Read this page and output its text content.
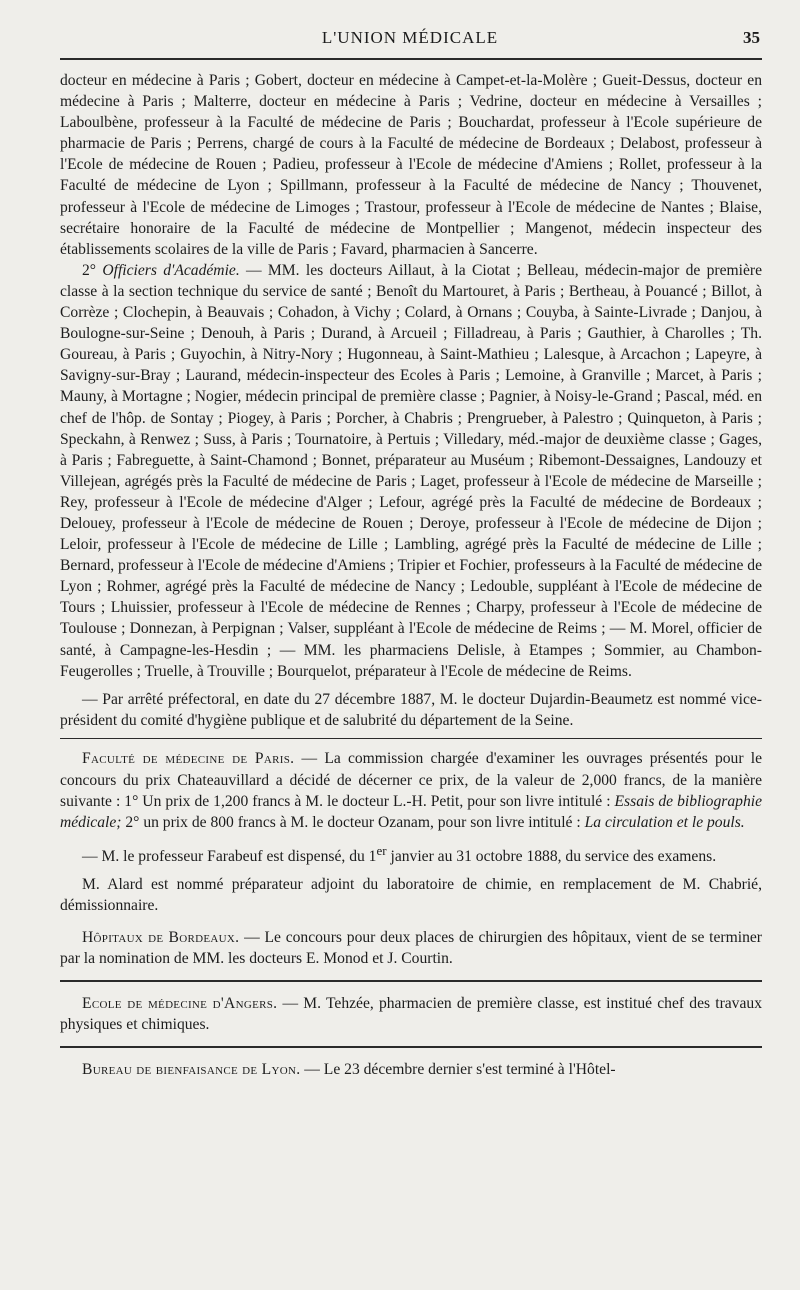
L'UNION MÉDICALE	35

docteur en médecine à Paris ; Gobert, docteur en médecine à Campet-et-la-Molère ; Gueit-Dessus, docteur en médecine à Paris ; Malterre, docteur en médecine à Paris ; Vedrine, docteur en médecine à Versailles ; Laboulbène, professeur à la Faculté de médecine de Paris ; Bouchardat, professeur à l'Ecole supérieure de pharmacie de Paris ; Perrens, chargé de cours à la Faculté de médecine de Bordeaux ; Delabost, professeur à l'Ecole de médecine de Rouen ; Padieu, professeur à l'Ecole de médecine d'Amiens ; Rollet, professeur à la Faculté de médecine de Lyon ; Spillmann, professeur à la Faculté de médecine de Nancy ; Thouvenet, professeur à l'Ecole de médecine de Limoges ; Trastour, professeur à l'Ecole de médecine de Nantes ; Blaise, secrétaire honoraire de la Faculté de médecine de Montpellier ; Mangenot, médecin inspecteur des établissements scolaires de la ville de Paris ; Favard, pharmacien à Sancerre.

2° Officiers d'Académie. — MM. les docteurs Aillaut, à la Ciotat ; Belleau, médecin-major de première classe à la section technique du service de santé ; Benoît du Martouret, à Paris ; Bertheau, à Pouancé ; Billot, à Corrèze ; Clochepin, à Beauvais ; Cohadon, à Vichy ; Colard, à Ornans ; Couyba, à Sainte-Livrade ; Danjou, à Boulogne-sur-Seine ; Denouh, à Paris ; Durand, à Arcueil ; Filladreau, à Paris ; Gauthier, à Charolles ; Th. Goureau, à Paris ; Guyochin, à Nitry-Nory ; Hugonneau, à Saint-Mathieu ; Lalesque, à Arcachon ; Lapeyre, à Savigny-sur-Bray ; Laurand, médecin-inspecteur des Ecoles à Paris ; Lemoine, à Granville ; Marcet, à Paris ; Mauny, à Mortagne ; Nogier, médecin principal de première classe ; Pagnier, à Noisy-le-Grand ; Pascal, méd. en chef de l'hôp. de Sontay ; Piogey, à Paris ; Porcher, à Chabris ; Prengrueber, à Palestro ; Quinqueton, à Paris ; Speckahn, à Renwez ; Suss, à Paris ; Tournatoire, à Pertuis ; Villedary, méd.-major de deuxième classe ; Gages, à Paris ; Fabreguette, à Saint-Chamond ; Bonnet, préparateur au Muséum ; Ribemont-Dessaignes, Landouzy et Villejean, agrégés près la Faculté de médecine de Paris ; Laget, professeur à l'Ecole de médecine de Marseille ; Rey, professeur à l'Ecole de médecine d'Alger ; Lefour, agrégé près la Faculté de médecine de Bordeaux ; Delouey, professeur à l'Ecole de médecine de Rouen ; Deroye, professeur à l'Ecole de médecine de Dijon ; Leloir, professeur à l'Ecole de médecine de Lille ; Lambling, agrégé près la Faculté de médecine de Lille ; Bernard, professeur à l'Ecole de médecine d'Amiens ; Tripier et Fochier, professeurs à la Faculté de médecine de Lyon ; Rohmer, agrégé près la Faculté de médecine de Nancy ; Ledouble, suppléant à l'Ecole de médecine de Tours ; Lhuissier, professeur à l'Ecole de médecine de Rennes ; Charpy, professeur à l'Ecole de médecine de Toulouse ; Donnezan, à Perpignan ; Valser, suppléant à l'Ecole de médecine de Reims ; — M. Morel, officier de santé, à Campagne-les-Hesdin ; — MM. les pharmaciens Delisle, à Etampes ; Sommier, au Chambon-Feugerolles ; Truelle, à Trouville ; Bourquelot, préparateur à l'Ecole de médecine de Reims.

— Par arrêté préfectoral, en date du 27 décembre 1887, M. le docteur Dujardin-Beaumetz est nommé vice-président du comité d'hygiène publique et de salubrité du département de la Seine.

Faculté de médecine de Paris. — La commission chargée d'examiner les ouvrages présentés pour le concours du prix Chateauvillard a décidé de décerner ce prix, de la valeur de 2,000 francs, de la manière suivante : 1° Un prix de 1,200 francs à M. le docteur L.-H. Petit, pour son livre intitulé : Essais de bibliographie médicale; 2° un prix de 800 francs à M. le docteur Ozanam, pour son livre intitulé : La circulation et le pouls.

— M. le professeur Farabeuf est dispensé, du 1er janvier au 31 octobre 1888, du service des examens.

M. Alard est nommé préparateur adjoint du laboratoire de chimie, en remplacement de M. Chabrié, démissionnaire.

Hôpitaux de Bordeaux. — Le concours pour deux places de chirurgien des hôpitaux, vient de se terminer par la nomination de MM. les docteurs E. Monod et J. Courtin.

Ecole de médecine d'Angers. — M. Tehzée, pharmacien de première classe, est institué chef des travaux physiques et chimiques.

Bureau de bienfaisance de Lyon. — Le 23 décembre dernier s'est terminé à l'Hôtel-
